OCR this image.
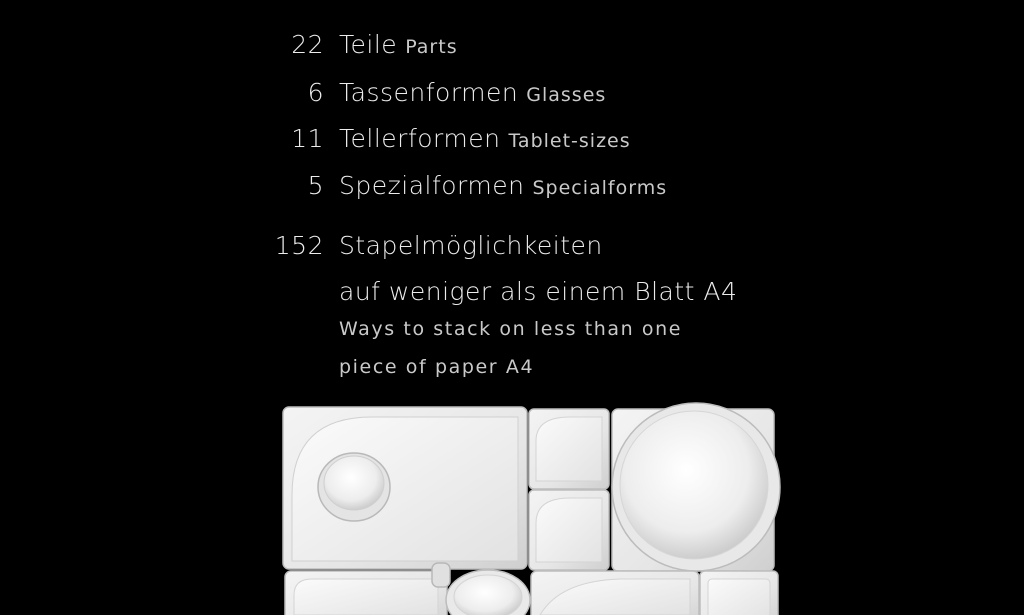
22 Teile Parts
6 Tassenformen Glasses
11 Tellerformen Tablet-sizes
5 Spezialformen Specialforms
152 Stapelmöglichkeiten
auf weniger als einem Blatt A4
Ways to stack on less than one
piece of paper A4
